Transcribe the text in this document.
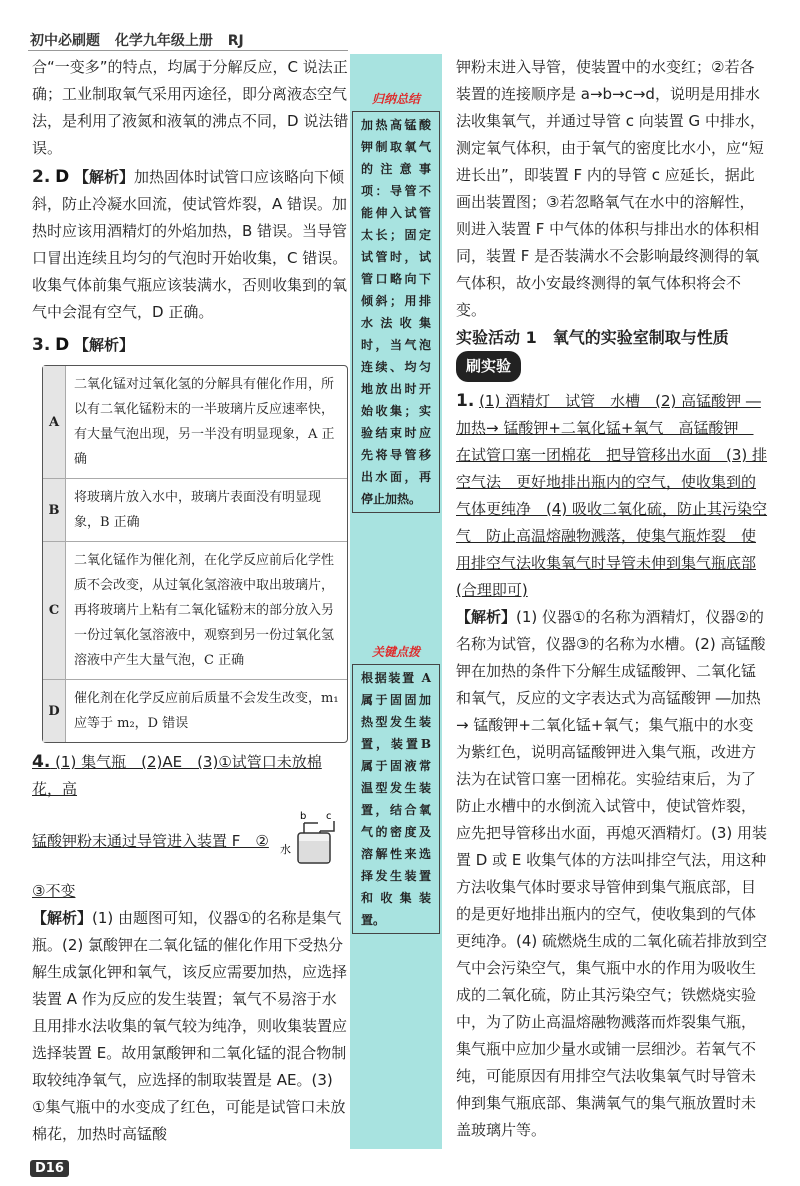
初中必刷题 化学九年级上册 RJ

合“一变多”的特点，均属于分解反应，C 说法正确；工业制取氧气采用丙途径，即分离液态空气法，是利用了液氮和液氧的沸点不同，D 说法错误。

2. D 【解析】加热固体时试管口应该略向下倾斜，防止冷凝水回流，使试管炸裂，A 错误。加热时应该用酒精灯的外焰加热，B 错误。当导管口冒出连续且均匀的气泡时开始收集，C 错误。收集气体前集气瓶应该装满水，否则收集到的氧气中会混有空气，D 正确。

3. D 【解析】

A	二氧化锰对过氧化氢的分解具有催化作用，所以有二氧化锰粉末的一半玻璃片反应速率快，有大量气泡出现，另一半没有明显现象，A 正确
B	将玻璃片放入水中，玻璃片表面没有明显现象，B 正确
C	二氧化锰作为催化剂，在化学反应前后化学性质不会改变，从过氧化氢溶液中取出玻璃片，再将玻璃片上粘有二氧化锰粉末的部分放入另一份过氧化氢溶液中，观察到另一份过氧化氢溶液中产生大量气泡，C 正确
D	催化剂在化学反应前后质量不会发生改变，m₁ 应等于 m₂，D 错误

4. (1) 集气瓶　(2)AE　(3)①试管口未放棉花，高

锰酸钾粉末通过导管进入装置 F　②
b c
水

③不变

【解析】(1) 由题图可知，仪器①的名称是集气瓶。(2) 氯酸钾在二氧化锰的催化作用下受热分解生成氯化钾和氧气，该反应需要加热，应选择装置 A 作为反应的发生装置；氧气不易溶于水且用排水法收集的氧气较为纯净，则收集装置应选择装置 E。故用氯酸钾和二氧化锰的混合物制取较纯净氧气，应选择的制取装置是 AE。(3) ①集气瓶中的水变成了红色，可能是试管口未放棉花，加热时高锰酸

归纳总结
加热高锰酸钾制取氧气的注意事项：导管不能伸入试管太长；固定试管时，试管口略向下倾斜；用排水法收集时，当气泡连续、均匀地放出时开始收集；实验结束时应先将导管移出水面，再停止加热。
关键点拨
根据装置 A属于固固加热型发生装置，装置B属于固液常温型发生装置，结合氧气的密度及溶解性来选择发生装置和收集装置。

钾粉末进入导管，使装置中的水变红；②若各装置的连接顺序是 a→b→c→d，说明是用排水法收集氧气，并通过导管 c 向装置 G 中排水，测定氧气体积，由于氧气的密度比水小，应“短进长出”，即装置 F 内的导管 c 应延长，据此画出装置图；③若忽略氧气在水中的溶解性，则进入装置 F 中气体的体积与排出水的体积相同，装置 F 是否装满水不会影响最终测得的氧气体积，故小安最终测得的氧气体积将会不变。

实验活动 1　氧气的实验室制取与性质

刷实验

1. (1) 酒精灯　试管　水槽　(2) 高锰酸钾 ―加热→ 锰酸钾+二氧化锰+氧气　高锰酸钾　在试管口塞一团棉花　把导管移出水面　(3) 排空气法　更好地排出瓶内的空气，使收集到的气体更纯净　(4) 吸收二氧化硫，防止其污染空气　防止高温熔融物溅落，使集气瓶炸裂　使用排空气法收集氧气时导管未伸到集气瓶底部(合理即可)

【解析】(1) 仪器①的名称为酒精灯，仪器②的名称为试管，仪器③的名称为水槽。(2) 高锰酸钾在加热的条件下分解生成锰酸钾、二氧化锰和氧气，反应的文字表达式为高锰酸钾 ―加热→ 锰酸钾+二氧化锰+氧气；集气瓶中的水变为紫红色，说明高锰酸钾进入集气瓶，改进方法为在试管口塞一团棉花。实验结束后，为了防止水槽中的水倒流入试管中，使试管炸裂，应先把导管移出水面，再熄灭酒精灯。(3) 用装置 D 或 E 收集气体的方法叫排空气法，用这种方法收集气体时要求导管伸到集气瓶底部，目的是更好地排出瓶内的空气，使收集到的气体更纯净。(4) 硫燃烧生成的二氧化硫若排放到空气中会污染空气，集气瓶中水的作用为吸收生成的二氧化硫，防止其污染空气；铁燃烧实验中，为了防止高温熔融物溅落而炸裂集气瓶，集气瓶中应加少量水或铺一层细沙。若氧气不纯，可能原因有用排空气法收集氧气时导管未伸到集气瓶底部、集满氧气的集气瓶放置时未盖玻璃片等。

D16
